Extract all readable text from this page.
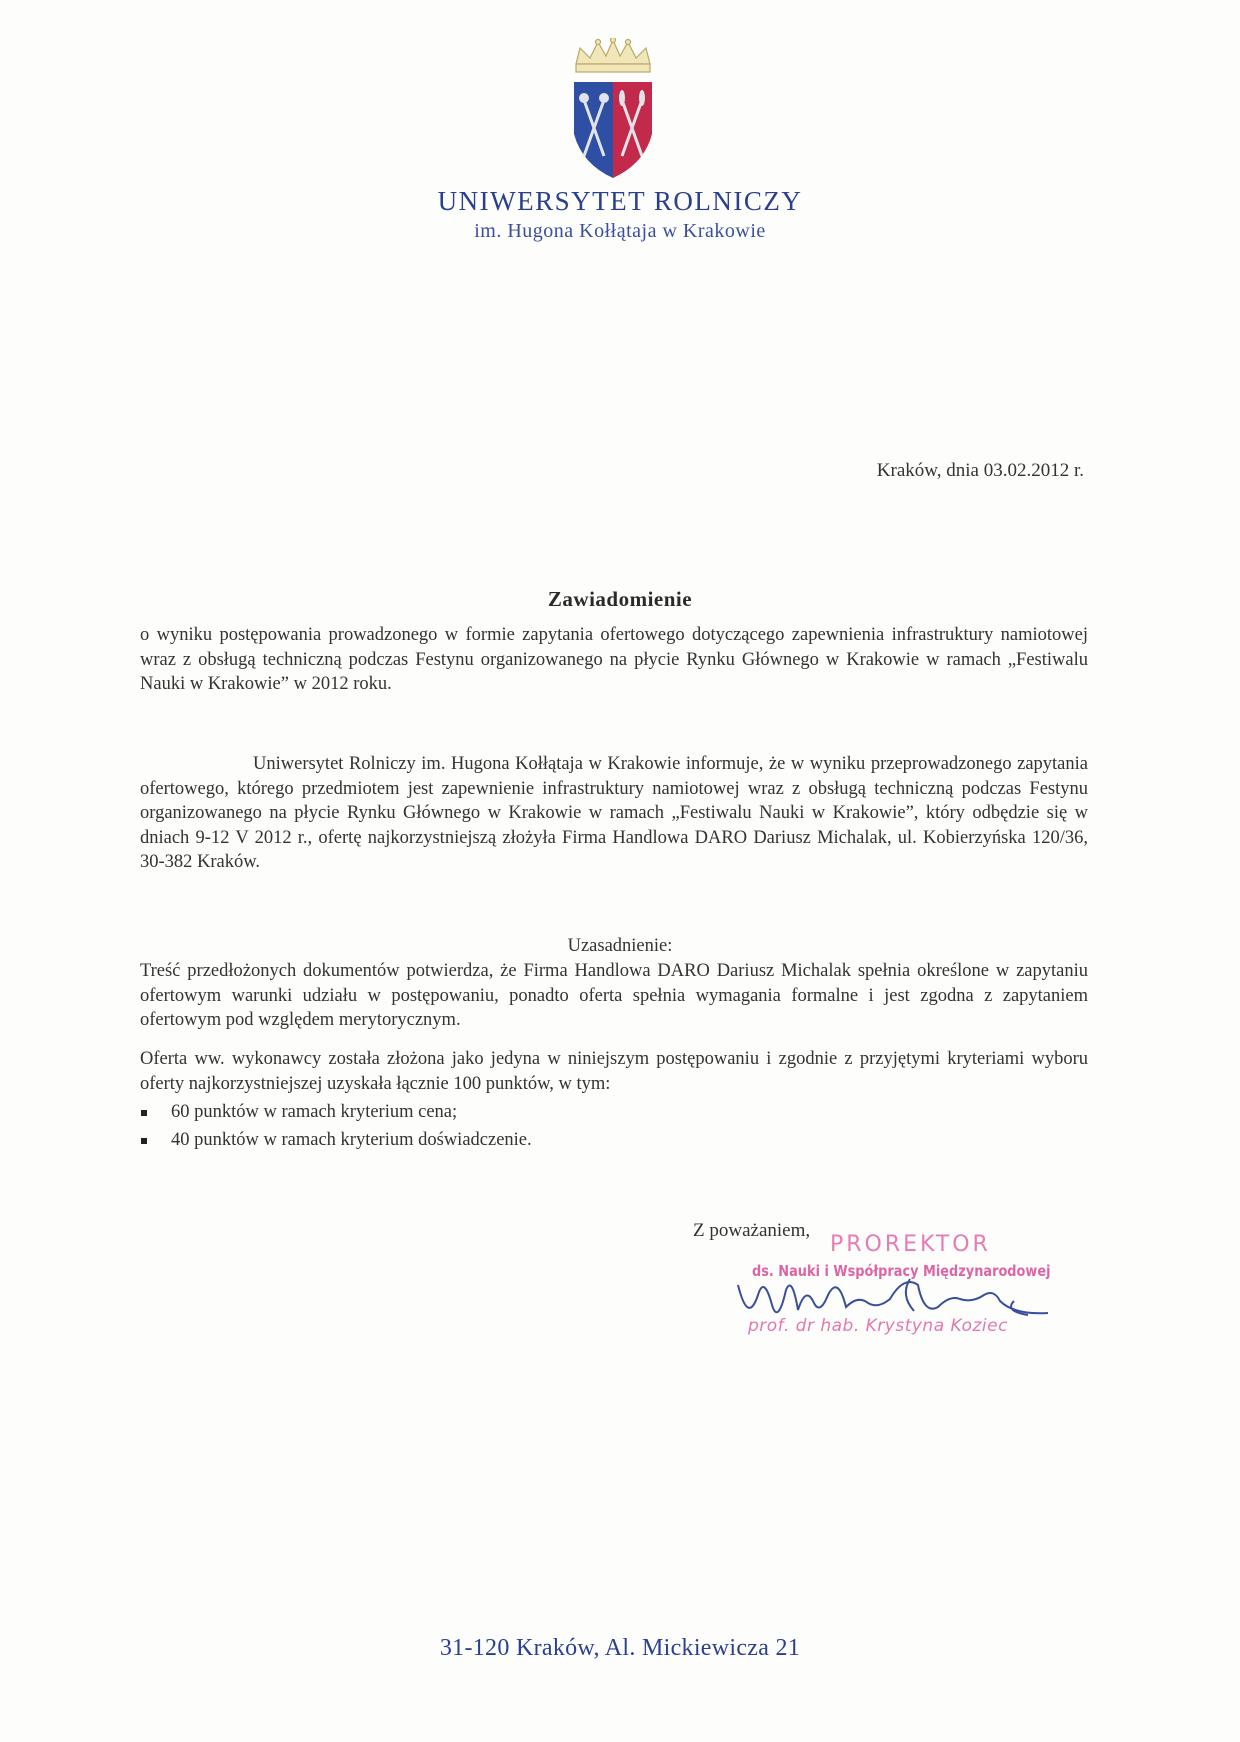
UNIWERSYTET ROLNICZY
im. Hugona Kołłątaja w Krakowie
Kraków, dnia 03.02.2012 r.
Zawiadomienie
o wyniku postępowania prowadzonego w formie zapytania ofertowego dotyczącego zapewnienia infrastruktury namiotowej wraz z obsługą techniczną podczas Festynu organizowanego na płycie Rynku Głównego w Krakowie w ramach „Festiwalu Nauki w Krakowie” w 2012 roku.
Uniwersytet Rolniczy im. Hugona Kołłątaja w Krakowie informuje, że w wyniku przeprowadzonego zapytania ofertowego, którego przedmiotem jest zapewnienie infrastruktury namiotowej wraz z obsługą techniczną podczas Festynu organizowanego na płycie Rynku Głównego w Krakowie w ramach „Festiwalu Nauki w Krakowie”, który odbędzie się w dniach 9-12 V 2012 r., ofertę najkorzystniejszą złożyła Firma Handlowa DARO Dariusz Michalak, ul. Kobierzyńska 120/36, 30-382 Kraków.
Uzasadnienie:
Treść przedłożonych dokumentów potwierdza, że Firma Handlowa DARO Dariusz Michalak spełnia określone w zapytaniu ofertowym warunki udziału w postępowaniu, ponadto oferta spełnia wymagania formalne i jest zgodna z zapytaniem ofertowym pod względem merytorycznym.
Oferta ww. wykonawcy została złożona jako jedyna w niniejszym postępowaniu i zgodnie z przyjętymi kryteriami wyboru oferty najkorzystniejszej uzyskała łącznie 100 punktów, w tym:
60 punktów w ramach kryterium cena;
40 punktów w ramach kryterium doświadczenie.
Z poważaniem,
PROREKTOR
ds. Nauki i Współpracy Międzynarodowej
prof. dr hab. Krystyna Koziec
31-120 Kraków, Al. Mickiewicza 21
